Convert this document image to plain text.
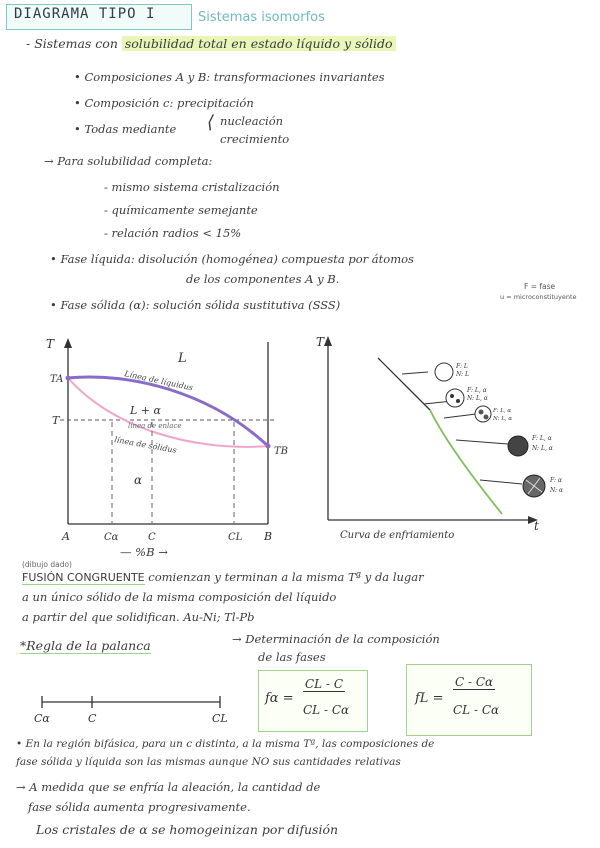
DIAGRAMA TIPO I	Sistemas isomorfos
- Sistemas con solubilidad total en estado líquido y sólido
• Composiciones A y B: transformaciones invariantes
• Composición c: precipitación
• Todas mediante ⟨ nucleación
crecimiento
→ Para solubilidad completa:
- mismo sistema cristalización
- químicamente semejante
- relación radios < 15%
• Fase líquida: disolución (homogénea) compuesta por átomos
de los componentes A y B.
• Fase sólida (α): solución sólida sustitutiva (SSS)
F = fase
u = microconstituyente
T
TA
TB
T
L
L + α
α
Línea de líquidus
línea de enlace
línea de sólidus
A	Cα	C	CL B
— %B →
T
t
F: L
N: L
F: L, α
N: L, α
F: L, α
N: L, α
F: L, α
N: L, α
F: α
N: α
Curva de enfriamiento
(dibujo dado)
FUSIÓN CONGRUENTE comienzan y terminan a la misma Tª y da lugar
a un único sólido de la misma composición del líquido
a partir del que solidifican. Au-Ni; Tl-Pb
*Regla de la palanca	→ Determinación de la composición
de las fases
Cα	C	CL
fα =
CL - C
CL - Cα
fL =
C - Cα
CL - Cα
• En la región bifásica, para un c distinta, a la misma Tª, las composiciones de
fase sólida y líquida son las mismas aunque NO sus cantidades relativas
→ A medida que se enfría la aleación, la cantidad de
fase sólida aumenta progresivamente.
Los cristales de α se homogeinizan por difusión
